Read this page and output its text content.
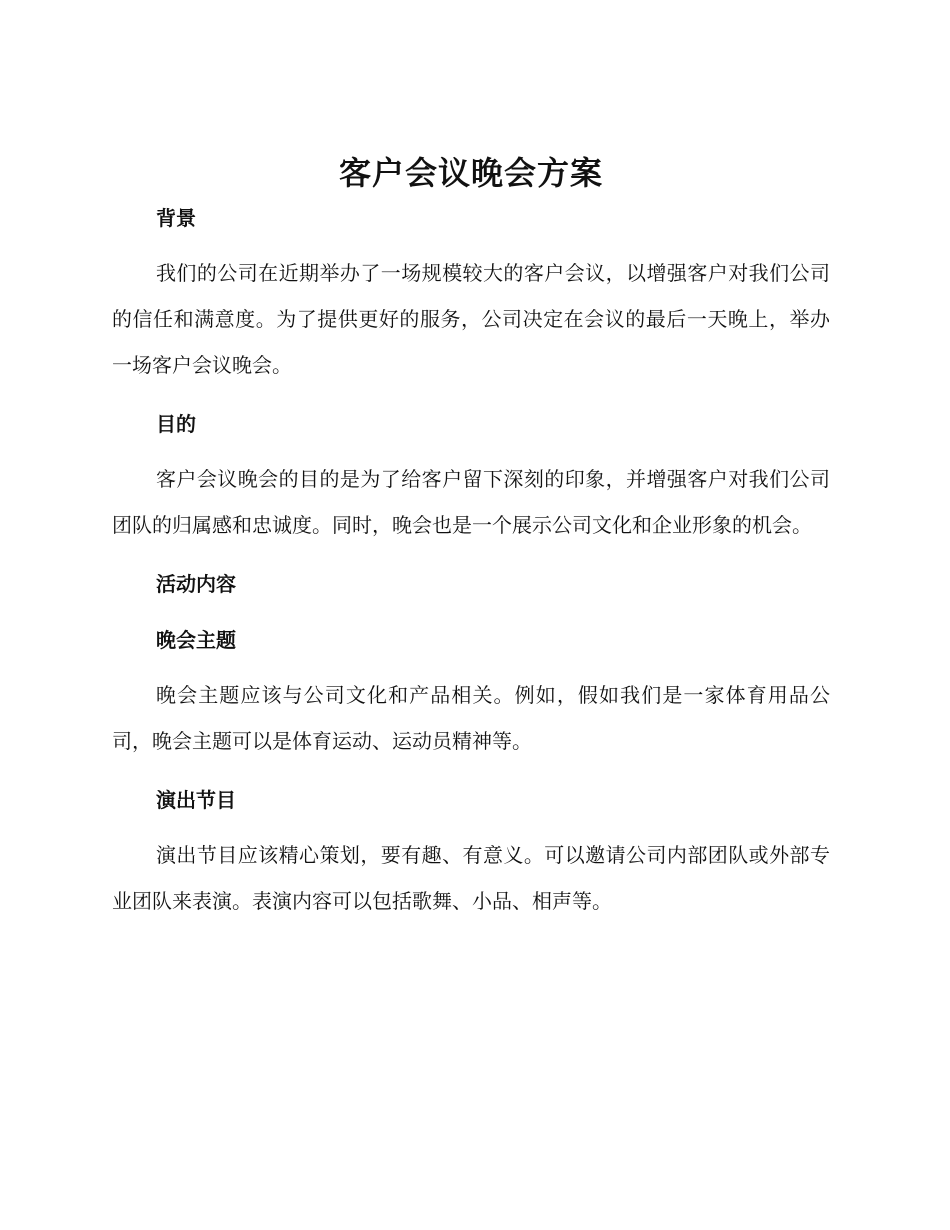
客户会议晚会方案
背景

我们的公司在近期举办了一场规模较大的客户会议，以增强客户对我们公司的信任和满意度。为了提供更好的服务，公司决定在会议的最后一天晚上，举办一场客户会议晚会。

目的

客户会议晚会的目的是为了给客户留下深刻的印象，并增强客户对我们公司团队的归属感和忠诚度。同时，晚会也是一个展示公司文化和企业形象的机会。

活动内容
晚会主题

晚会主题应该与公司文化和产品相关。例如，假如我们是一家体育用品公司，晚会主题可以是体育运动、运动员精神等。

演出节目

演出节目应该精心策划，要有趣、有意义。可以邀请公司内部团队或外部专业团队来表演。表演内容可以包括歌舞、小品、相声等。
